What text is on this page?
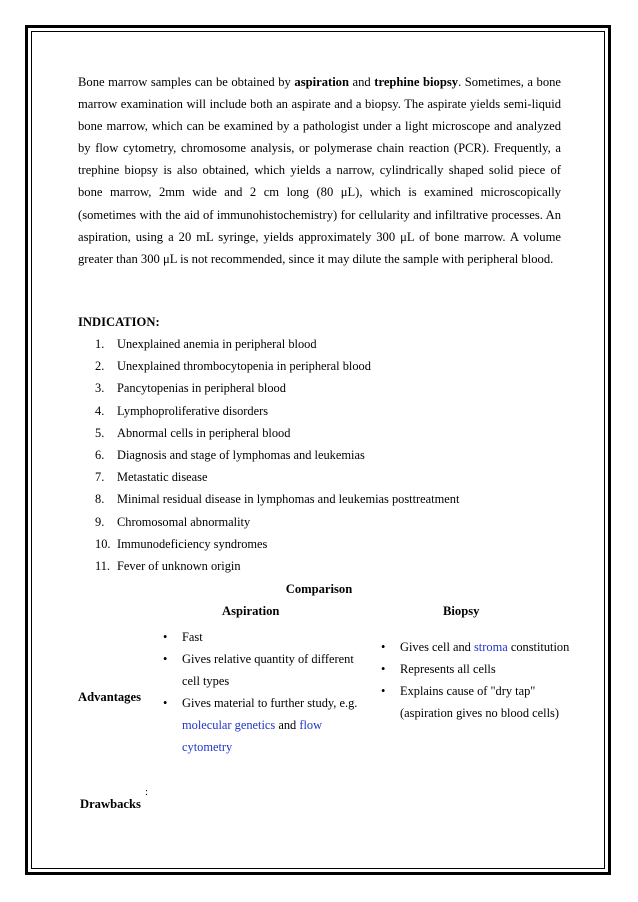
Bone marrow samples can be obtained by aspiration and trephine biopsy. Sometimes, a bone marrow examination will include both an aspirate and a biopsy. The aspirate yields semi-liquid bone marrow, which can be examined by a pathologist under a light microscope and analyzed by flow cytometry, chromosome analysis, or polymerase chain reaction (PCR). Frequently, a trephine biopsy is also obtained, which yields a narrow, cylindrically shaped solid piece of bone marrow, 2mm wide and 2 cm long (80 μL), which is examined microscopically (sometimes with the aid of immunohistochemistry) for cellularity and infiltrative processes. An aspiration, using a 20 mL syringe, yields approximately 300 μL of bone marrow. A volume greater than 300 μL is not recommended, since it may dilute the sample with peripheral blood.

INDICATION:

1. Unexplained anemia in peripheral blood
2. Unexplained thrombocytopenia in peripheral blood
3. Pancytopenias in peripheral blood
4. Lymphoproliferative disorders
5. Abnormal cells in peripheral blood
6. Diagnosis and stage of lymphomas and leukemias
7. Metastatic disease
8. Minimal residual disease in lymphomas and leukemias posttreatment
9. Chromosomal abnormality
10. Immunodeficiency syndromes
11. Fever of unknown origin

Comparison

Aspiration	Biopsy
Advantages
• Fast
• Gives relative quantity of different cell types
• Gives material to further study, e.g. molecular genetics and flow cytometry
• Gives cell and stroma constitution
• Represents all cells
• Explains cause of "dry tap" (aspiration gives no blood cells)
:
Drawbacks
